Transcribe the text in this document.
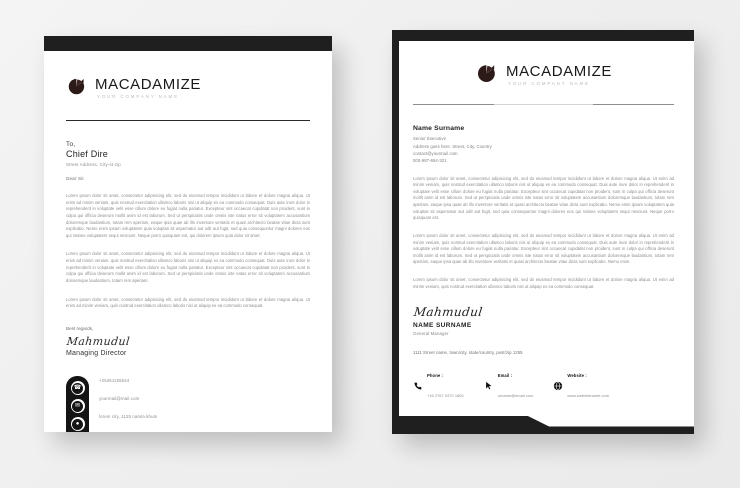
MACADAMIZE
YOUR COMPANY NAME
To,
Chief Dire
Street Address, City-st-zip
Dear Sir

Lorem ipsum dolor sit amet, consectetur adipisicing elit, sed do eiusmod tempor incididunt ut labore et dolore magna aliqua. Ut enim ad minim veniam, quis nostrud exercitation ullamco laboris nisi ut aliquip ex ea commodo consequat. Duis aute irure dolor in reprehenderit in voluptate velit esse cillum dolore eu fugiat nulla pariatur. Excepteur sint occaecat cupidatat non proident, sunt in culpa qui officia deserunt mollit anim id est laborum. Sed ut perspiciatis unde omnis iste natus error sit voluptatem accusantium doloremque laudantium, totam rem aperiam, eaque ipsa quae ab illo inventore veritatis et quasi architecto beatae vitae dicta sunt explicabo. Nemo enim ipsam voluptatem quia voluptas sit aspernatur aut odit aut fugit, sed quia consequuntur magni dolores eos qui ratione voluptatem sequi nesciunt. Neque porro quisquam est, qui dolorem ipsum quia dolor sit amet.

Lorem ipsum dolor sit amet, consectetur adipisicing elit, sed do eiusmod tempor incididunt ut labore et dolore magna aliqua. Ut enim ad minim veniam, quis nostrud exercitation ullamco laboris nisi ut aliquip ex ea commodo consequat. Duis aute irure dolor in reprehenderit in voluptate velit esse cillum dolore eu fugiat nulla pariatur. Excepteur sint occaecat cupidatat non proident, sunt in culpa qui officia deserunt mollit anim id est laborum. Sed ut perspiciatis unde omnis iste natus error sit voluptatem accusantium doloremque laudantium, totam rem aperiam.

Lorem ipsum dolor sit amet, consectetur adipisicing elit, sed do eiusmod tempor incididunt ut labore et dolore magna aliqua. Ut enim ad minim veniam, quis nostrud exercitation ullamco laboris nisi ut aliquip ex ea commodo consequat.

Best regards,
Mahmudul
Managing Director
☎
✉
●
+25451155544
yourmail@mail.com
lorem city, 1125 namla khum
MACADAMIZE
YOUR COMPANY NAME
Name Surname
Senior Executive
Address goes here. Street, City, Country
contact@yourmail.com
000-987-654-321

Lorem ipsum dolor sit amet, consectetur adipisicing elit, sed do eiusmod tempor incididunt ut labore et dolore magna aliqua. Ut enim ad minim veniam, quis nostrud exercitation ullamco laboris nisi ut aliquip ex ea commodo consequat. Duis aute irure dolor in reprehenderit in voluptate velit esse cillum dolore eu fugiat nulla pariatur. Excepteur sint occaecat cupidatat non proident, sunt in culpa qui officia deserunt mollit anim id est laborum. Sed ut perspiciatis unde omnis iste natus error sit voluptatem accusantium doloremque laudantium, totam rem aperiam, eaque ipsa quae ab illo inventore veritatis et quasi architecto beatae vitae dicta sunt explicabo. Nemo enim ipsam voluptatem quia voluptas sit aspernatur aut odit aut fugit, sed quia consequuntur magni dolores eos qui ratione voluptatem sequi nesciunt. Neque porro quisquam est.

Lorem ipsum dolor sit amet, consectetur adipisicing elit, sed do eiusmod tempor incididunt ut labore et dolore magna aliqua. Ut enim ad minim veniam, quis nostrud exercitation ullamco laboris nisi ut aliquip ex ea commodo consequat. Duis aute irure dolor in reprehenderit in voluptate velit esse cillum dolore eu fugiat nulla pariatur. Excepteur sint occaecat cupidatat non proident, sunt in culpa qui officia deserunt mollit anim id est laborum. Sed ut perspiciatis unde omnis iste natus error sit voluptatem accusantium doloremque laudantium, totam rem aperiam, eaque ipsa quae ab illo inventore veritatis et quasi architecto beatae vitae dicta sunt explicabo. Nemo enim.

Lorem ipsum dolor sit amet, consectetur adipisicing elit, sed do eiusmod tempor incididunt ut labore et dolore magna aliqua. Ut enim ad minim veniam, quis nostrud exercitation ullamco laboris nisi ut aliquip ex ea commodo consequat.

Mahmudul
NAME SURNAME
General Manager
1111 Street name, town/city, state/country, post/zip 1255
Phone :
+16 2767 9470 1800
Email :
urname@email.com
Website :
www.websitename.com
